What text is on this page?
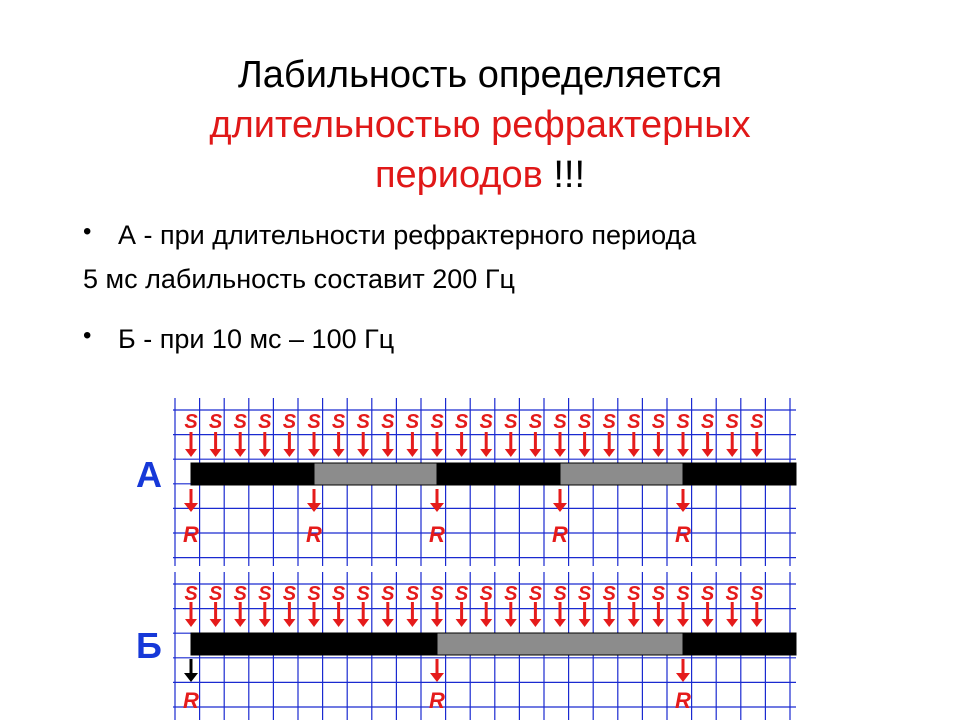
Лабильность определяется
длительностью рефрактерных
периодов !!!
• А - при длительности рефрактерного периода
5 мс лабильность составит 200 Гц
• Б - при 10 мс – 100 Гц
А
Б
S S S S S S S S S S S S S S S S S S S S S S S S
R	R	R	R	R
S S S S S S S S S S S S S S S S S S S S S S S S
R	R	R
